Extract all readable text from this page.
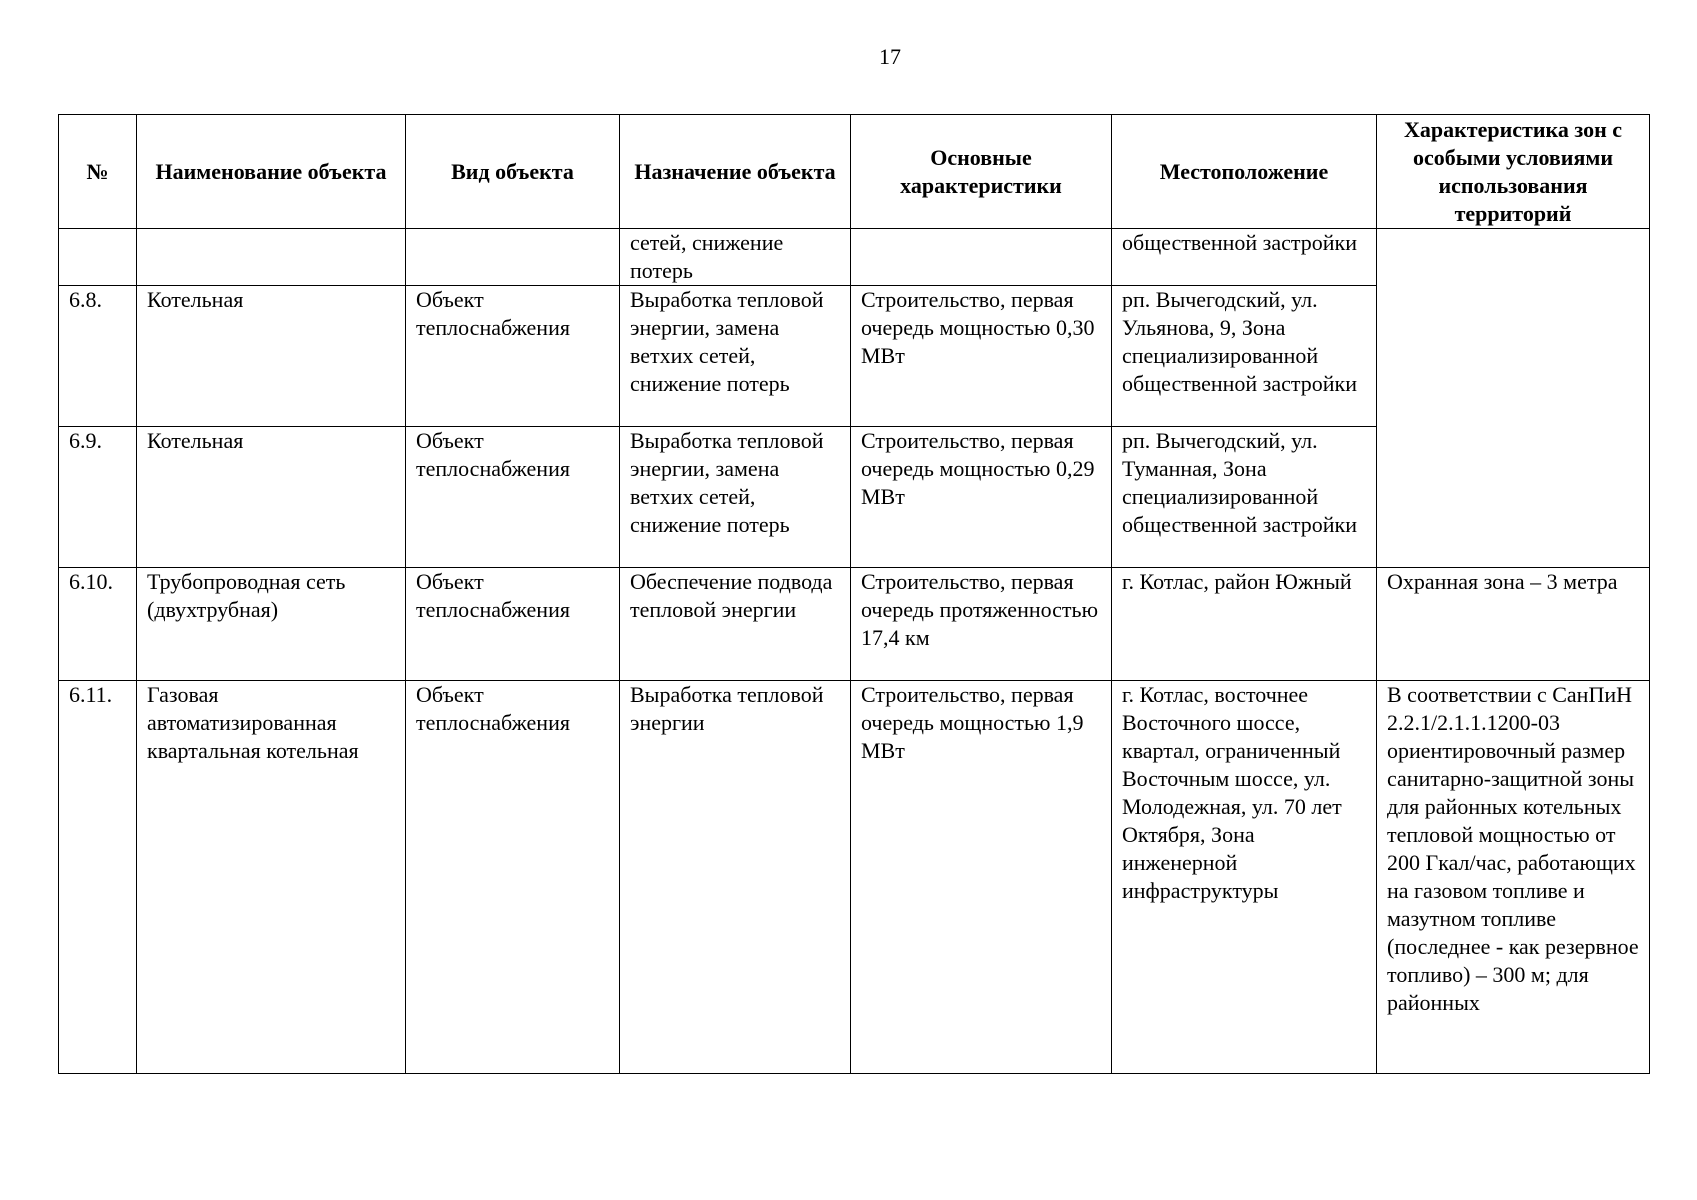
17
№	Наименование объекта	Вид объекта	Назначение объекта	Основные характеристики	Местоположение	Характеристика зон с особыми условиями использования территорий
			сетей, снижение потерь		общественной застройки	
6.8.	Котельная	Объект теплоснабжения	Выработка тепловой энергии, замена ветхих сетей, снижение потерь	Строительство, первая очередь мощностью 0,30 МВт	рп. Вычегодский, ул. Ульянова, 9, Зона специализированной общественной застройки	
6.9.	Котельная	Объект теплоснабжения	Выработка тепловой энергии, замена ветхих сетей, снижение потерь	Строительство, первая очередь мощностью 0,29 МВт	рп. Вычегодский, ул. Туманная, Зона специализированной общественной застройки	
6.10.	Трубопроводная сеть (двухтрубная)	Объект теплоснабжения	Обеспечение подвода тепловой энергии	Строительство, первая очередь протяженностью 17,4 км	г. Котлас, район Южный	Охранная зона – 3 метра
6.11.	Газовая автоматизированная квартальная котельная	Объект теплоснабжения	Выработка тепловой энергии	Строительство, первая очередь мощностью 1,9 МВт	г. Котлас, восточнее Восточного шоссе, квартал, ограниченный Восточным шоссе, ул. Молодежная, ул. 70 лет Октября, Зона инженерной инфраструктуры	В соответствии с СанПиН 2.2.1/2.1.1.1200-03 ориентировочный размер санитарно-защитной зоны для районных котельных тепловой мощностью от 200 Гкал/час, работающих на газовом топливе и мазутном топливе (последнее - как резервное топливо) – 300 м; для районных
